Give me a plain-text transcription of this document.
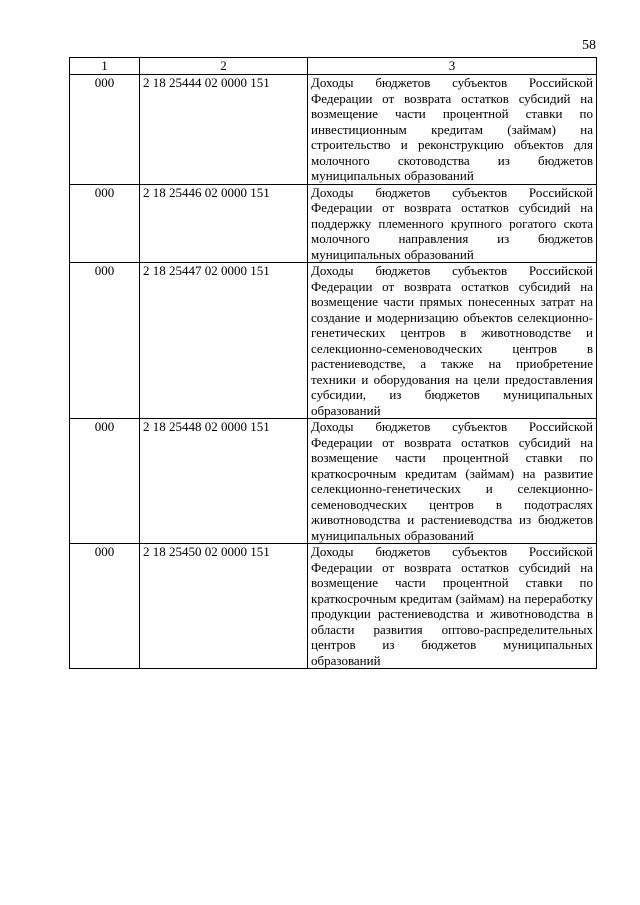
58
1	2	3
000	2 18 25444 02 0000 151	Доходы бюджетов субъектов Российской Федерации от возврата остатков субсидий на возмещение части процентной ставки по инвестиционным кредитам (займам) на строительство и реконструкцию объектов для молочного скотоводства из бюджетов муниципальных образований
000	2 18 25446 02 0000 151	Доходы бюджетов субъектов Российской Федерации от возврата остатков субсидий на поддержку племенного крупного рогатого скота молочного направления из бюджетов муниципальных образований
000	2 18 25447 02 0000 151	Доходы бюджетов субъектов Российской Федерации от возврата остатков субсидий на возмещение части прямых понесенных затрат на создание и модернизацию объектов селекционно-генетических центров в животноводстве и селекционно-семеноводческих центров в растениеводстве, а также на приобретение техники и оборудования на цели предоставления субсидии, из бюджетов муниципальных образований
000	2 18 25448 02 0000 151	Доходы бюджетов субъектов Российской Федерации от возврата остатков субсидий на возмещение части процентной ставки по краткосрочным кредитам (займам) на развитие селекционно-генетических и селекционно-семеноводческих центров в подотраслях животноводства и растениеводства из бюджетов муниципальных образований
000	2 18 25450 02 0000 151	Доходы бюджетов субъектов Российской Федерации от возврата остатков субсидий на возмещение части процентной ставки по краткосрочным кредитам (займам) на переработку продукции растениеводства и животноводства в области развития оптово-распределительных центров из бюджетов муниципальных образований
